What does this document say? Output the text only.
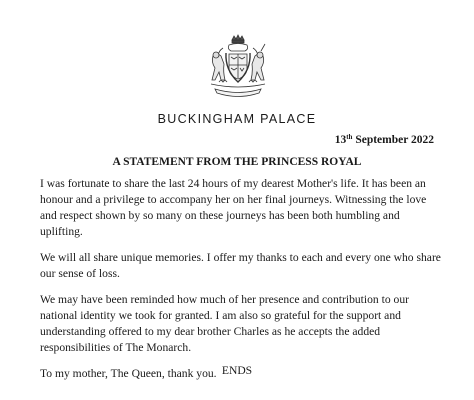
BUCKINGHAM PALACE
13th September 2022
A STATEMENT FROM THE PRINCESS ROYAL

I was fortunate to share the last 24 hours of my dearest Mother's life. It has been an honour and a privilege to accompany her on her final journeys. Witnessing the love and respect shown by so many on these journeys has been both humbling and uplifting.

We will all share unique memories. I offer my thanks to each and every one who share our sense of loss.

We may have been reminded how much of her presence and contribution to our national identity we took for granted. I am also so grateful for the support and understanding offered to my dear brother Charles as he accepts the added responsibilities of The Monarch.

To my mother, The Queen, thank you. ENDS
